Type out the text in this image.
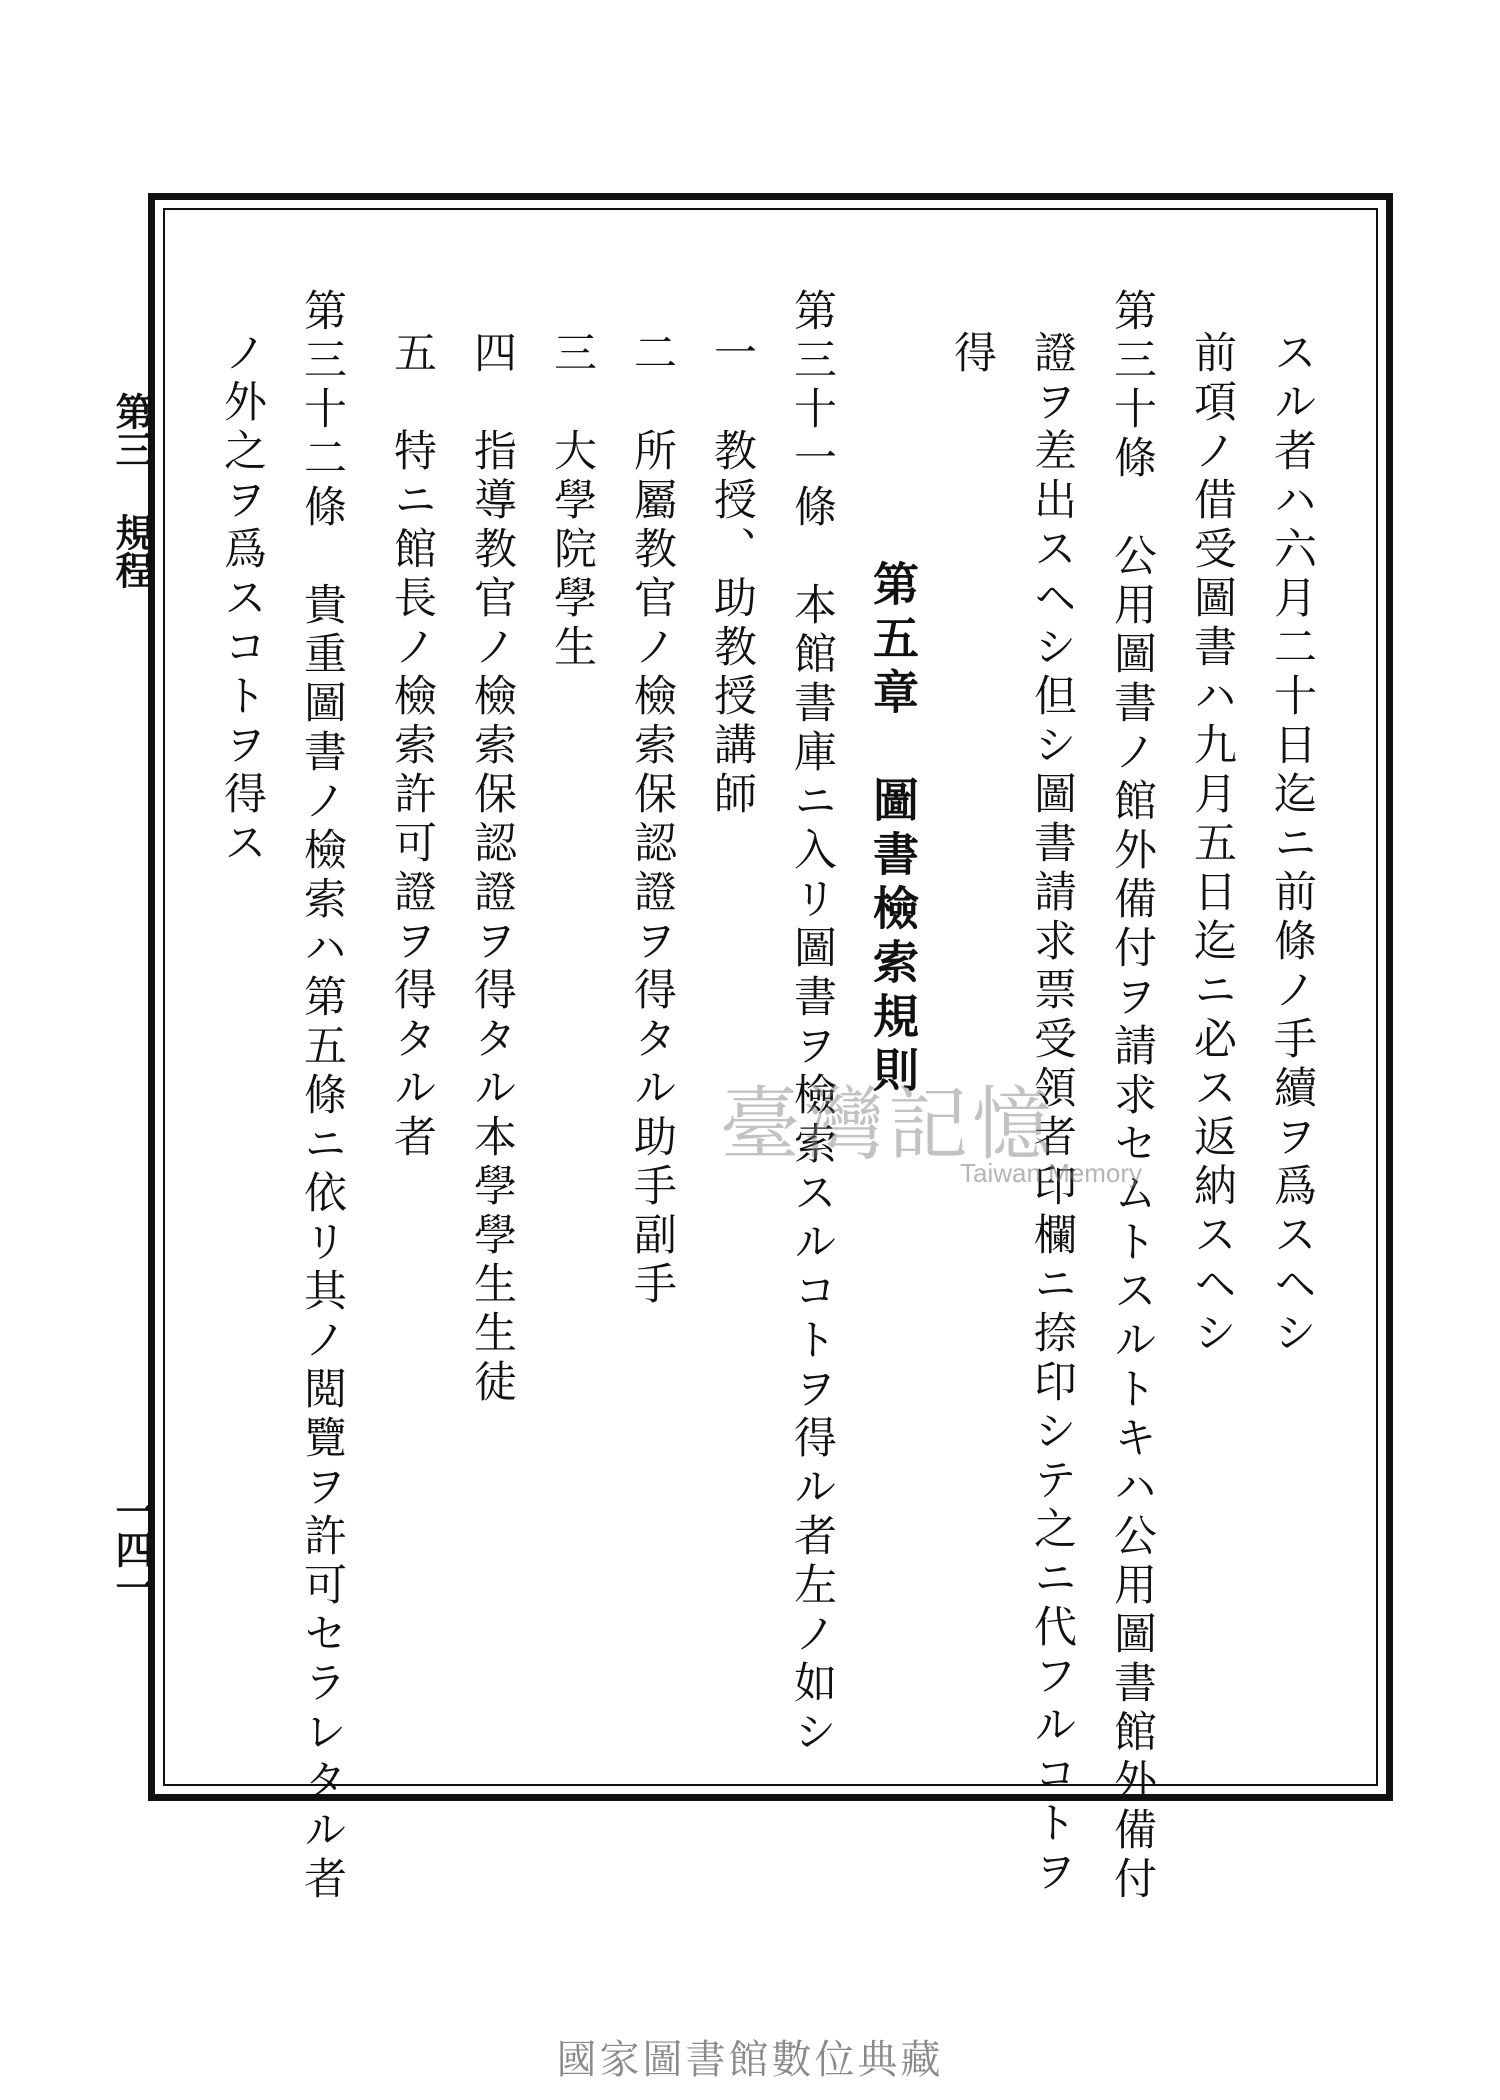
第三 規程
一四一
スル者ハ六月二十日迄ニ前條ノ手續ヲ爲スヘシ
前項ノ借受圖書ハ九月五日迄ニ必ス返納スヘシ
第三十條　公用圖書ノ館外備付ヲ請求セムトスルトキハ公用圖書館外備付
證ヲ差出スヘシ但シ圖書請求票受領者印欄ニ捺印シテ之ニ代フルコトヲ
得
第五章　圖書檢索規則
第三十一條　本館書庫ニ入リ圖書ヲ檢索スルコトヲ得ル者左ノ如シ
一　教授、助教授講師
二　所屬教官ノ檢索保認證ヲ得タル助手副手
三　大學院學生
四　指導教官ノ檢索保認證ヲ得タル本學學生生徒
五　特ニ館長ノ檢索許可證ヲ得タル者
第三十二條　貴重圖書ノ檢索ハ第五條ニ依リ其ノ閲覽ヲ許可セラレタル者
ノ外之ヲ爲スコトヲ得ス
臺灣記憶
Taiwan Memory
國家圖書館數位典藏
